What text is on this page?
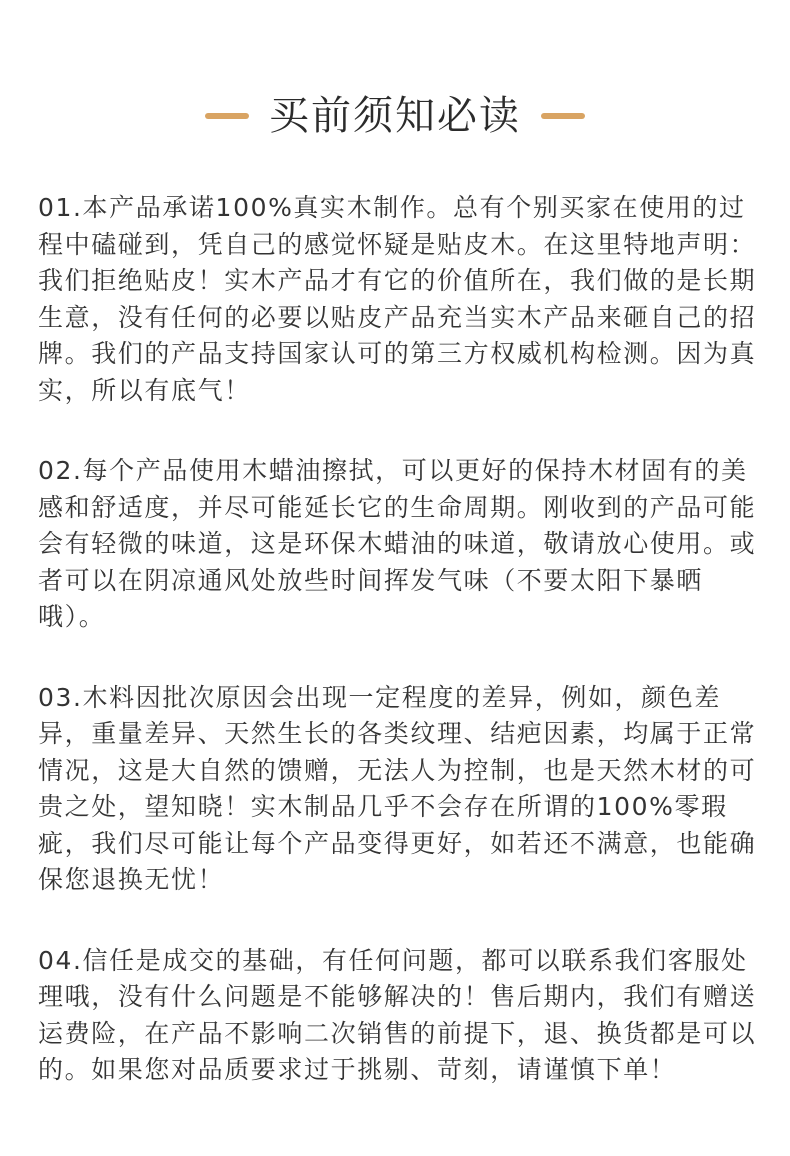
买前须知必读

01.本产品承诺100%真实木制作。总有个别买家在使用的过程中磕碰到，凭自己的感觉怀疑是贴皮木。在这里特地声明：我们拒绝贴皮！实木产品才有它的价值所在，我们做的是长期生意，没有任何的必要以贴皮产品充当实木产品来砸自己的招牌。我们的产品支持国家认可的第三方权威机构检测。因为真实，所以有底气！

02.每个产品使用木蜡油擦拭，可以更好的保持木材固有的美感和舒适度，并尽可能延长它的生命周期。刚收到的产品可能会有轻微的味道，这是环保木蜡油的味道，敬请放心使用。或者可以在阴凉通风处放些时间挥发气味（不要太阳下暴晒哦）。

03.木料因批次原因会出现一定程度的差异，例如，颜色差异，重量差异、天然生长的各类纹理、结疤因素，均属于正常情况，这是大自然的馈赠，无法人为控制，也是天然木材的可贵之处，望知晓！实木制品几乎不会存在所谓的100%零瑕疵，我们尽可能让每个产品变得更好，如若还不满意，也能确保您退换无忧！

04.信任是成交的基础，有任何问题，都可以联系我们客服处理哦，没有什么问题是不能够解决的！售后期内，我们有赠送运费险，在产品不影响二次销售的前提下，退、换货都是可以的。如果您对品质要求过于挑剔、苛刻，请谨慎下单！
